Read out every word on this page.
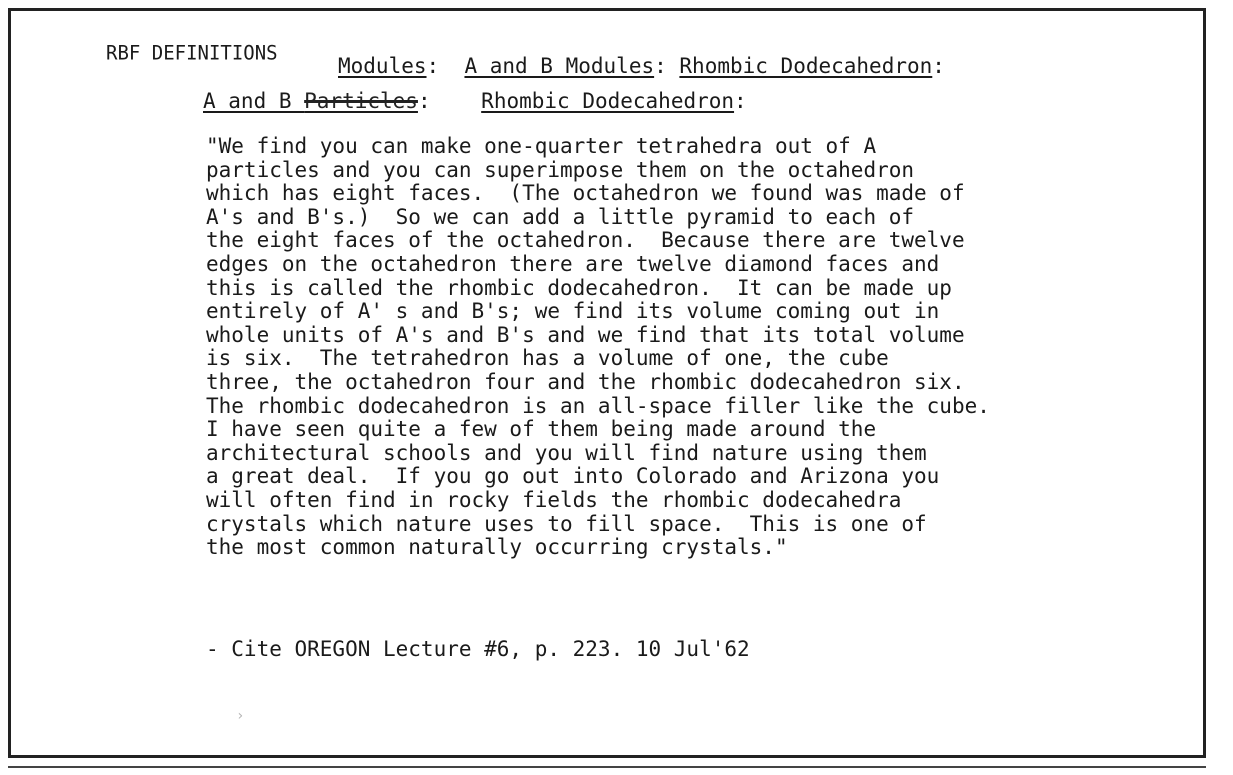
RBF DEFINITIONS
Modules:  A and B Modules: Rhombic Dodecahedron:
A and B Particles:    Rhombic Dodecahedron:
"We find you can make one-quarter tetrahedra out of A
particles and you can superimpose them on the octahedron
which has eight faces.  (The octahedron we found was made of
A's and B's.)  So we can add a little pyramid to each of
the eight faces of the octahedron.  Because there are twelve
edges on the octahedron there are twelve diamond faces and
this is called the rhombic dodecahedron.  It can be made up
entirely of A' s and B's; we find its volume coming out in
whole units of A's and B's and we find that its total volume
is six.  The tetrahedron has a volume of one, the cube
three, the octahedron four and the rhombic dodecahedron six.
The rhombic dodecahedron is an all-space filler like the cube.
I have seen quite a few of them being made around the
architectural schools and you will find nature using them
a great deal.  If you go out into Colorado and Arizona you
will often find in rocky fields the rhombic dodecahedra
crystals which nature uses to fill space.  This is one of
the most common naturally occurring crystals."
- Cite OREGON Lecture #6, p. 223. 10 Jul'62
›
